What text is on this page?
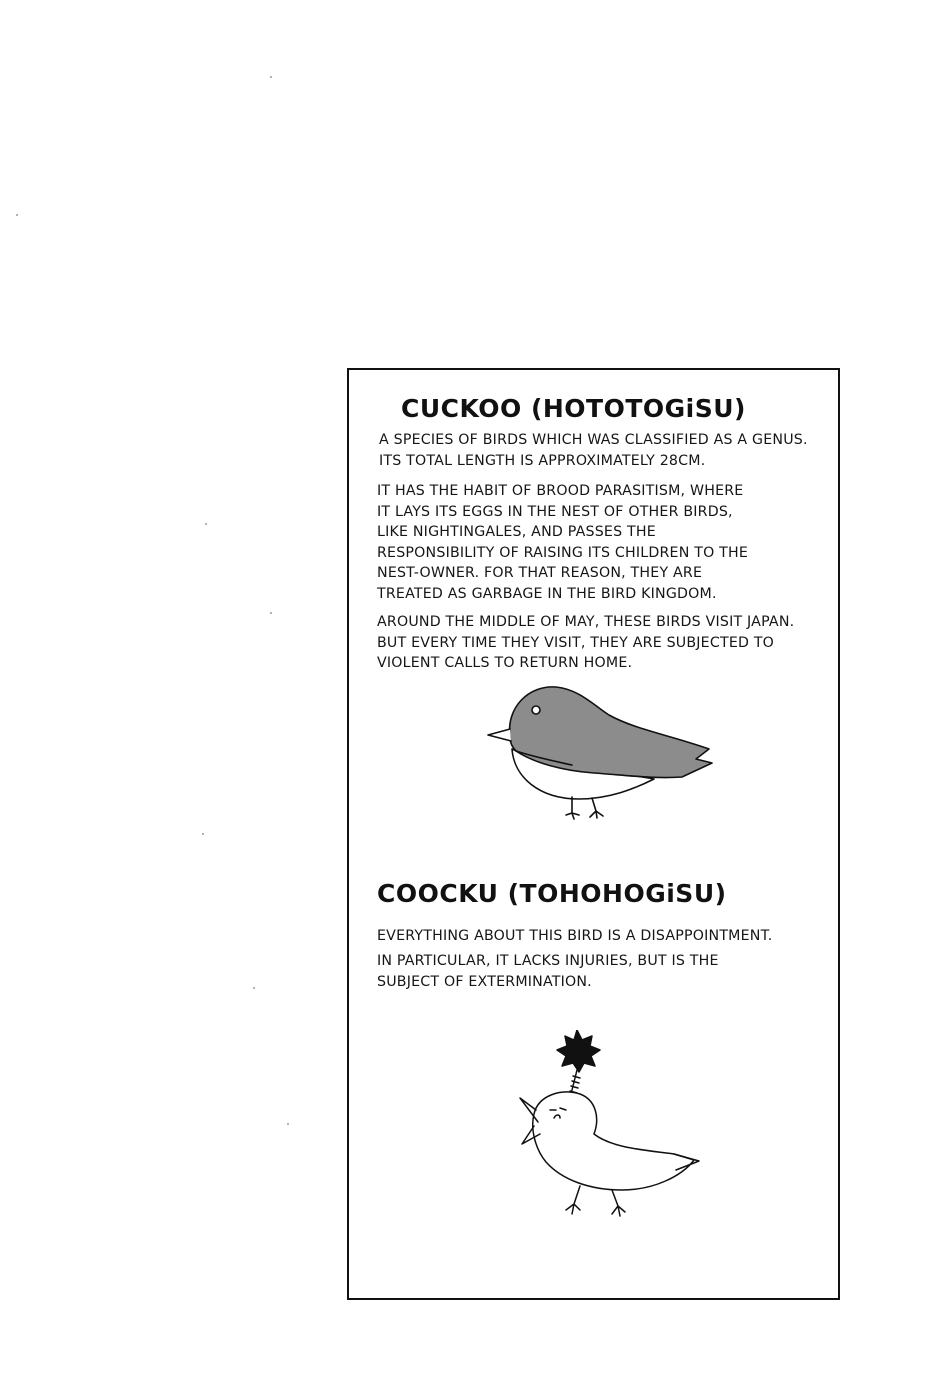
CUCKOO (HOTOTOGiSU)
A SPECIES OF BIRDS WHICH WAS CLASSIFIED AS A GENUS.
ITS TOTAL LENGTH IS APPROXIMATELY 28CM.
IT HAS THE HABIT OF BROOD PARASITISM, WHERE
IT LAYS ITS EGGS IN THE NEST OF OTHER BIRDS,
LIKE NIGHTINGALES, AND PASSES THE
RESPONSIBILITY OF RAISING ITS CHILDREN TO THE
NEST-OWNER. FOR THAT REASON, THEY ARE
TREATED AS GARBAGE IN THE BIRD KINGDOM.
AROUND THE MIDDLE OF MAY, THESE BIRDS VISIT JAPAN.
BUT EVERY TIME THEY VISIT, THEY ARE SUBJECTED TO
VIOLENT CALLS TO RETURN HOME.
COOCKU (TOHOHOGiSU)
EVERYTHING ABOUT THIS BIRD IS A DISAPPOINTMENT.
IN PARTICULAR, IT LACKS INJURIES, BUT IS THE
SUBJECT OF EXTERMINATION.
